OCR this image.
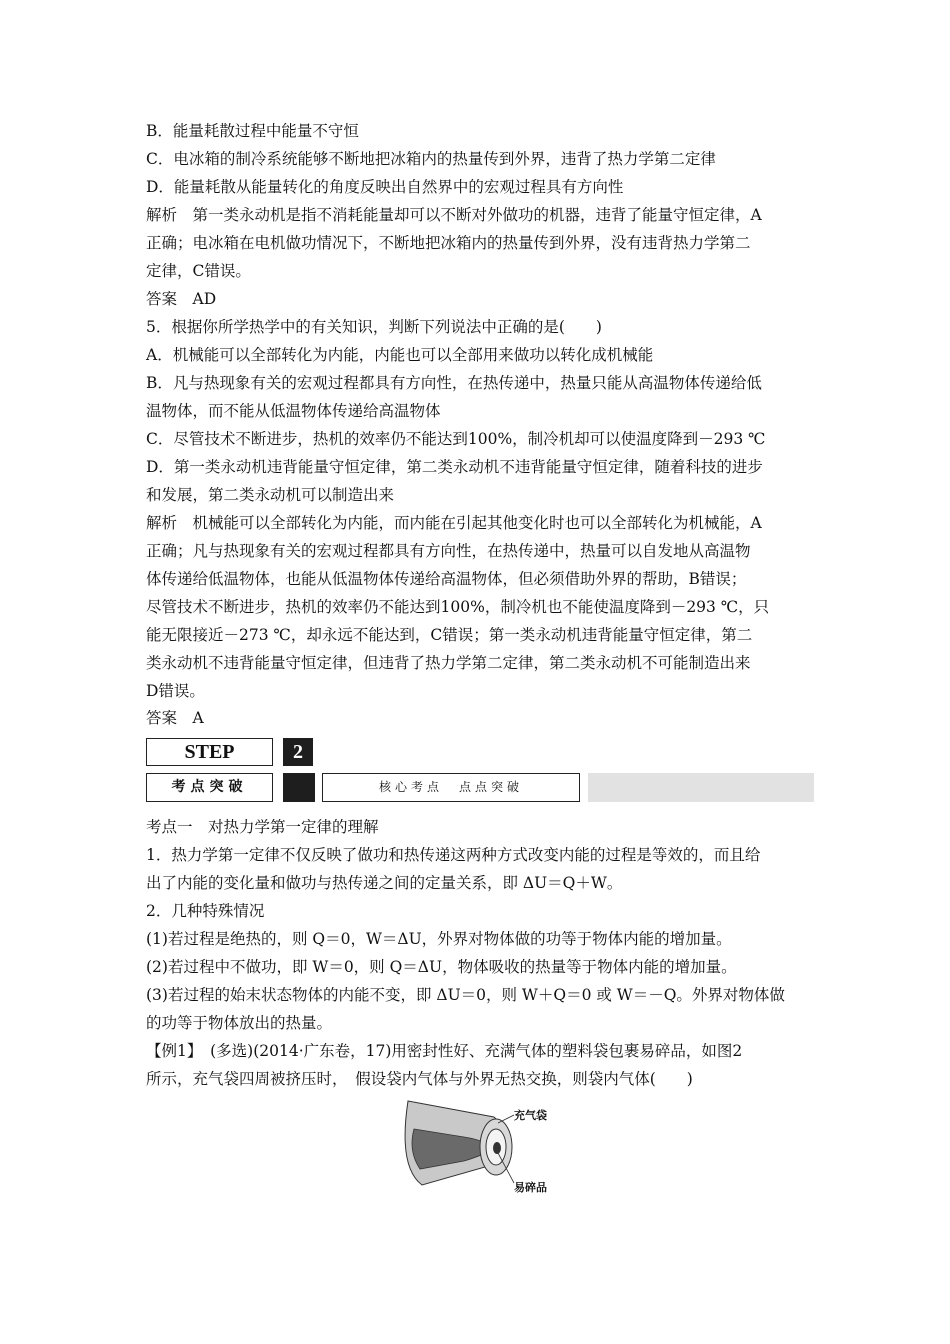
B．能量耗散过程中能量不守恒
C．电冰箱的制冷系统能够不断地把冰箱内的热量传到外界，违背了热力学第二定律
D．能量耗散从能量转化的角度反映出自然界中的宏观过程具有方向性
解析　第一类永动机是指不消耗能量却可以不断对外做功的机器，违背了能量守恒定律，A
正确；电冰箱在电机做功情况下，不断地把冰箱内的热量传到外界，没有违背热力学第二
定律，C错误。
答案　AD
5．根据你所学热学中的有关知识，判断下列说法中正确的是(　　)
A．机械能可以全部转化为内能，内能也可以全部用来做功以转化成机械能
B．凡与热现象有关的宏观过程都具有方向性，在热传递中，热量只能从高温物体传递给低
温物体，而不能从低温物体传递给高温物体
C．尽管技术不断进步，热机的效率仍不能达到100%，制冷机却可以使温度降到－293 ℃
D．第一类永动机违背能量守恒定律，第二类永动机不违背能量守恒定律，随着科技的进步
和发展，第二类永动机可以制造出来
解析　机械能可以全部转化为内能，而内能在引起其他变化时也可以全部转化为机械能，A
正确；凡与热现象有关的宏观过程都具有方向性，在热传递中，热量可以自发地从高温物
体传递给低温物体，也能从低温物体传递给高温物体，但必须借助外界的帮助，B错误；
尽管技术不断进步，热机的效率仍不能达到100%，制冷机也不能使温度降到－293 ℃，只
能无限接近－273 ℃，却永远不能达到，C错误；第一类永动机违背能量守恒定律，第二
类永动机不违背能量守恒定律，但违背了热力学第二定律，第二类永动机不可能制造出来
D错误。
答案　A
STEP	2
考点突破	核心考点　点点突破
考点一　对热力学第一定律的理解
1．热力学第一定律不仅反映了做功和热传递这两种方式改变内能的过程是等效的，而且给
出了内能的变化量和做功与热传递之间的定量关系，即 ΔU＝Q＋W。
2．几种特殊情况
(1)若过程是绝热的，则 Q＝0，W＝ΔU，外界对物体做的功等于物体内能的增加量。
(2)若过程中不做功，即 W＝0，则 Q＝ΔU，物体吸收的热量等于物体内能的增加量。
(3)若过程的始末状态物体的内能不变，即 ΔU＝0，则 W＋Q＝0 或 W＝－Q。外界对物体做
的功等于物体放出的热量。
【例1】　(多选)(2014·广东卷，17)用密封性好、充满气体的塑料袋包裹易碎品，如图2
所示，充气袋四周被挤压时，　假设袋内气体与外界无热交换，则袋内气体(　　)
充气袋
易碎品
